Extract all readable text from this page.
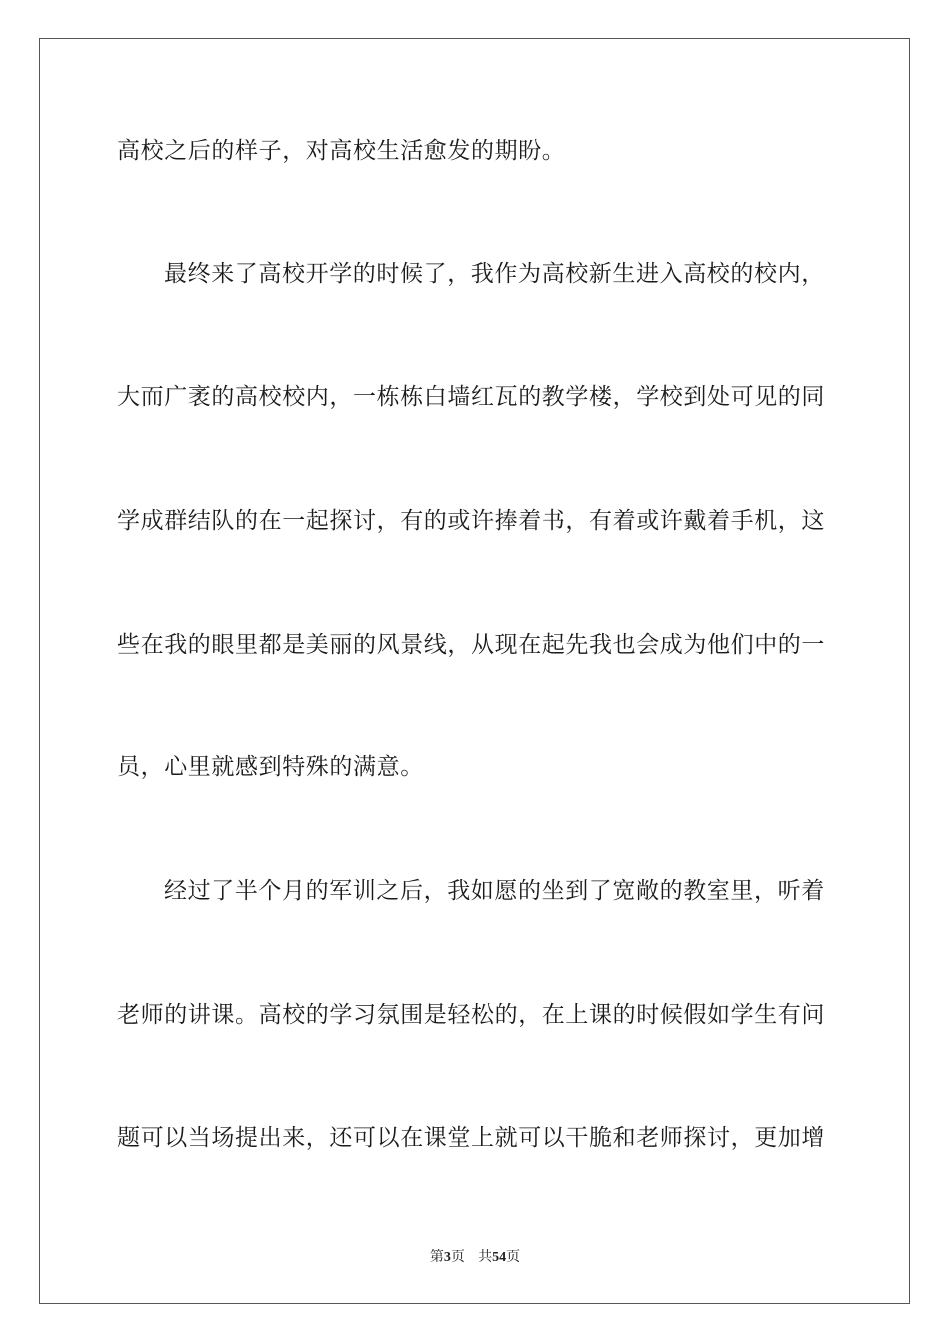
高校之后的样子，对高校生活愈发的期盼。
最终来了高校开学的时候了，我作为高校新生进入高校的校内，
大而广袤的高校校内，一栋栋白墙红瓦的教学楼，学校到处可见的同
学成群结队的在一起探讨，有的或许捧着书，有着或许戴着手机，这
些在我的眼里都是美丽的风景线，从现在起先我也会成为他们中的一
员，心里就感到特殊的满意。
经过了半个月的军训之后，我如愿的坐到了宽敞的教室里，听着
老师的讲课。高校的学习氛围是轻松的，在上课的时候假如学生有问
题可以当场提出来，还可以在课堂上就可以干脆和老师探讨，更加增
第3页 共54页
